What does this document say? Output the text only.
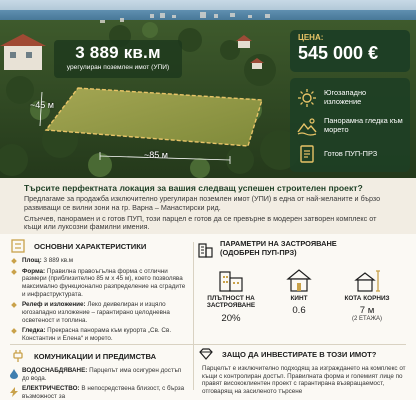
3 889 кв.м
урегулиран поземлен имот (УПИ)
~45 м
~85 м
ЦЕНА:
545 000 €
Югозападно изложение
Панорамна гледка към морето
Готов ПУП-ПРЗ
Търсите перфектната локация за вашия следващ успешен строителен проект?

Предлагаме за продажба изключително урегулиран поземлен имот (УПИ) в една от най-желаните и бързо развиващи се вилни зони на гр. Варна – Манастирски рид.

Слънчев, панорамен и с готов ПУП, този парцел е готов да се превърне в модерен затворен комплекс от къщи или луксозни фамилни имения.

ОСНОВНИ ХАРАКТЕРИСТИКИ
Площ: 3 889 кв.м
Форма: Правилна правоъгълна форма с отлични размери (приблизително 85 м х 45 м), което позволява максимално функционално разпределение на сградите и инфраструктурата.
Релеф и изложение: Леко деивелиран и изцяло югозападно изложение – гарантирано целодневна осветеност и топлина.
Гледка: Прекрасна панорама към курорта „Св. Св. Константин и Елена“ и морето.
ПАРАМЕТРИ НА ЗАСТРОЯВАНЕ (ОДОБРЕН ПУП-ПРЗ)
ПЛЪТНОСТ НА ЗАСТРОЯВАНЕ
20%
КИНТ
0.6
КОТА КОРНИЗ
7 м
(2 ЕТАЖА)
КОМУНИКАЦИИ И ПРЕДИМСТВА
ВОДОСНАБДЯВАНЕ: Парцелът има осигурен достъп до вода.
ЕЛЕКТРИЧЕСТВО: В непосредствена близост, с бърза възможност за
ЗАЩО ДА ИНВЕСТИРАТЕ В ТОЗИ ИМОТ?

Парцелът е изключително подходящ за изграждането на комплекс от къщи с контролиран достъп. Правилната форма и големият лице по правят висококлиентен проект с гарантирана възвращаемост, отговарящ на засиленото търсене
